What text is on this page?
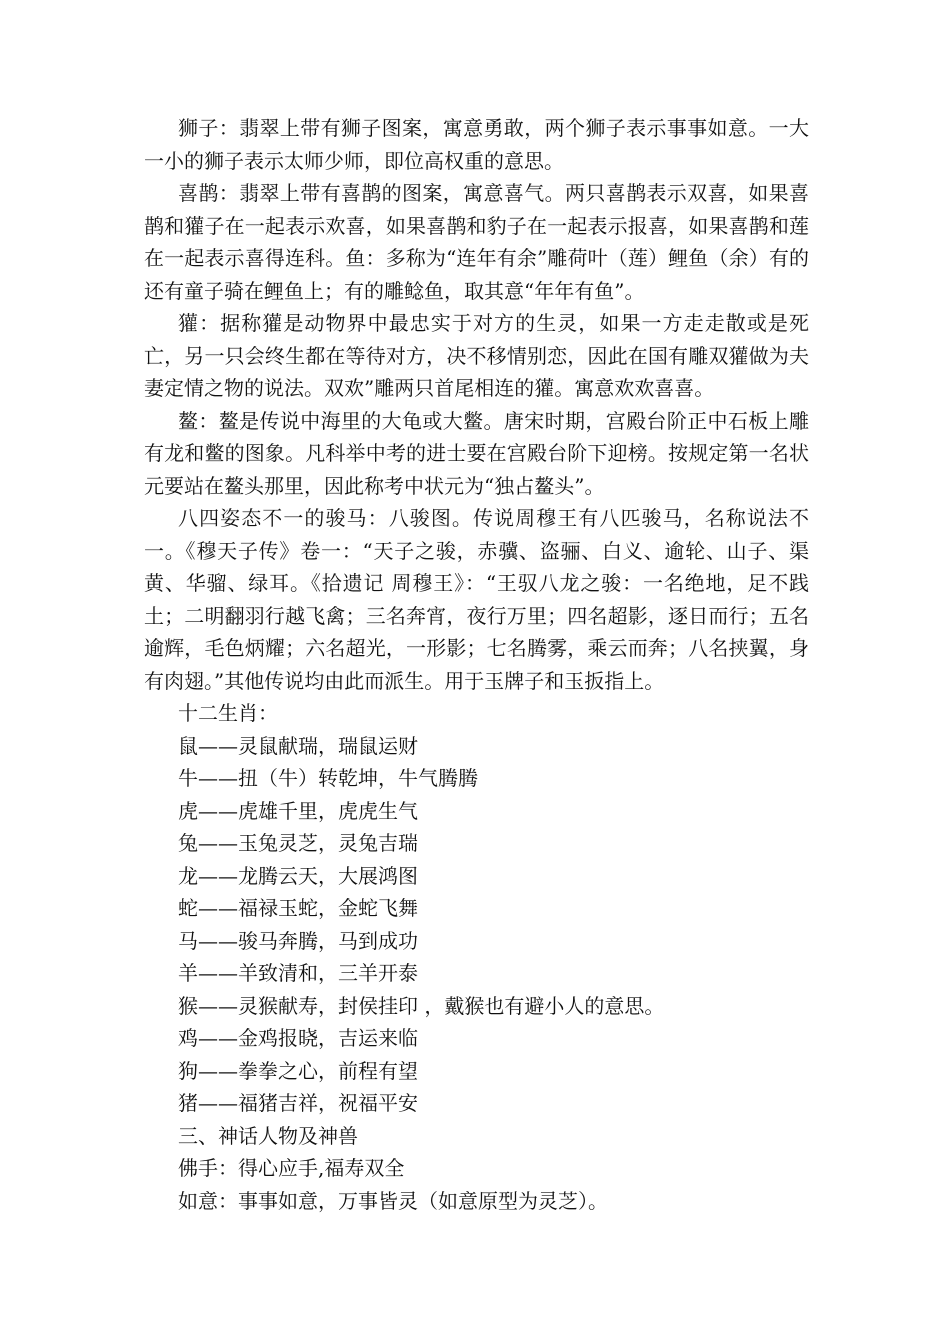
狮子：翡翠上带有狮子图案，寓意勇敢，两个狮子表示事事如意。一大一小的狮子表示太师少师，即位高权重的意思。

喜鹊：翡翠上带有喜鹊的图案，寓意喜气。两只喜鹊表示双喜，如果喜鹊和獾子在一起表示欢喜，如果喜鹊和豹子在一起表示报喜，如果喜鹊和莲在一起表示喜得连科。鱼：多称为“连年有余”雕荷叶（莲）鲤鱼（余）有的还有童子骑在鲤鱼上；有的雕鲶鱼，取其意“年年有鱼”。

獾：据称獾是动物界中最忠实于对方的生灵，如果一方走走散或是死亡，另一只会终生都在等待对方，决不移情别恋，因此在国有雕双獾做为夫妻定情之物的说法。双欢”雕两只首尾相连的獾。寓意欢欢喜喜。

鳌：鳌是传说中海里的大龟或大鳖。唐宋时期，宫殿台阶正中石板上雕有龙和鳖的图象。凡科举中考的进士要在宫殿台阶下迎榜。按规定第一名状元要站在鳌头那里，因此称考中状元为“独占鳌头”。

八四姿态不一的骏马：八骏图。传说周穆王有八匹骏马，名称说法不一。《穆天子传》卷一：“天子之骏，赤骥、盗骊、白义、逾轮、山子、渠黄、华骝、绿耳。《拾遗记 周穆王》：“王驭八龙之骏：一名绝地，足不践土；二明翻羽行越飞禽；三名奔宵，夜行万里；四名超影，逐日而行；五名逾辉，毛色炳耀；六名超光，一形影；七名腾雾，乘云而奔；八名挟翼，身有肉翅。”其他传说均由此而派生。用于玉牌子和玉扳指上。

十二生肖：

鼠——灵鼠献瑞，瑞鼠运财

牛——扭（牛）转乾坤，牛气腾腾

虎——虎雄千里，虎虎生气

兔——玉兔灵芝，灵兔吉瑞

龙——龙腾云天，大展鸿图

蛇——福禄玉蛇，金蛇飞舞

马——骏马奔腾，马到成功

羊——羊致清和，三羊开泰

猴——灵猴献寿，封侯挂印 ，戴猴也有避小人的意思。

鸡——金鸡报晓，吉运来临

狗——拳拳之心，前程有望

猪——福猪吉祥，祝福平安

三、神话人物及神兽

佛手：得心应手,福寿双全

如意：事事如意，万事皆灵（如意原型为灵芝）。
